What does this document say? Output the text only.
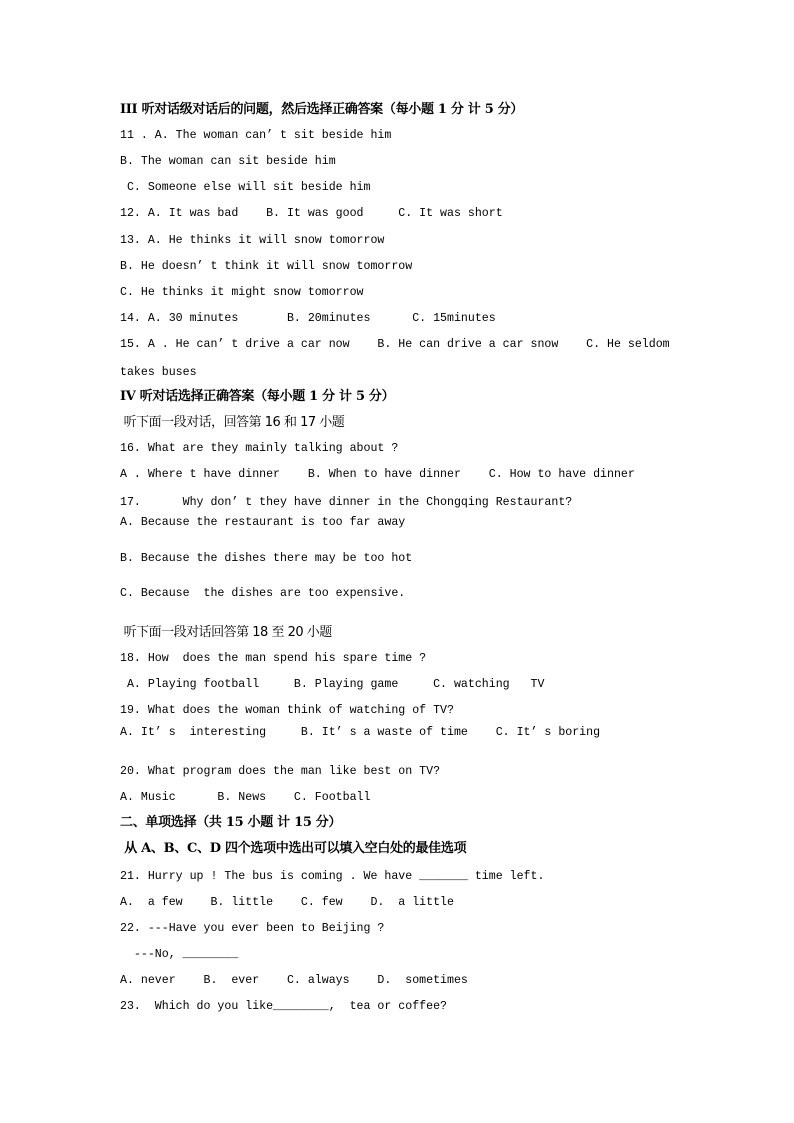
III 听对话级对话后的问题，然后选择正确答案（每小题 1 分 计 5 分）
11 . A. The woman can’ t sit beside him
B. The woman can sit beside him
C. Someone else will sit beside him
12. A. It was bad    B. It was good     C. It was short
13. A. He thinks it will snow tomorrow
B. He doesn’ t think it will snow tomorrow
C. He thinks it might snow tomorrow
14. A. 30 minutes       B. 20minutes      C. 15minutes
15. A . He can’ t drive a car now    B. He can drive a car snow    C. He seldom
takes buses
IV 听对话选择正确答案（每小题 1 分 计 5 分）
听下面一段对话，回答第 16 和 17 小题
16. What are they mainly talking about ?
A . Where t have dinner    B. When to have dinner    C. How to have dinner
17.      Why don’ t they have dinner in the Chongqing Restaurant?
A. Because the restaurant is too far away
B. Because the dishes there may be too hot
C. Because  the dishes are too expensive.
听下面一段对话回答第 18 至 20 小题
18. How  does the man spend his spare time ?
A. Playing football     B. Playing game     C. watching   TV
19. What does the woman think of watching of TV?
A. It’ s  interesting     B. It’ s a waste of time    C. It’ s boring
20. What program does the man like best on TV?
A. Music      B. News    C. Football
二、单项选择（共 15 小题 计 15 分）
从 A、B、C、D 四个选项中选出可以填入空白处的最佳选项
21. Hurry up ! The bus is coming . We have _______ time left.
A.  a few    B. little    C. few    D.  a little
22. ---Have you ever been to Beijing ?
---No, ________
A. never    B.  ever    C. always    D.  sometimes
23.  Which do you like________,  tea or coffee?
